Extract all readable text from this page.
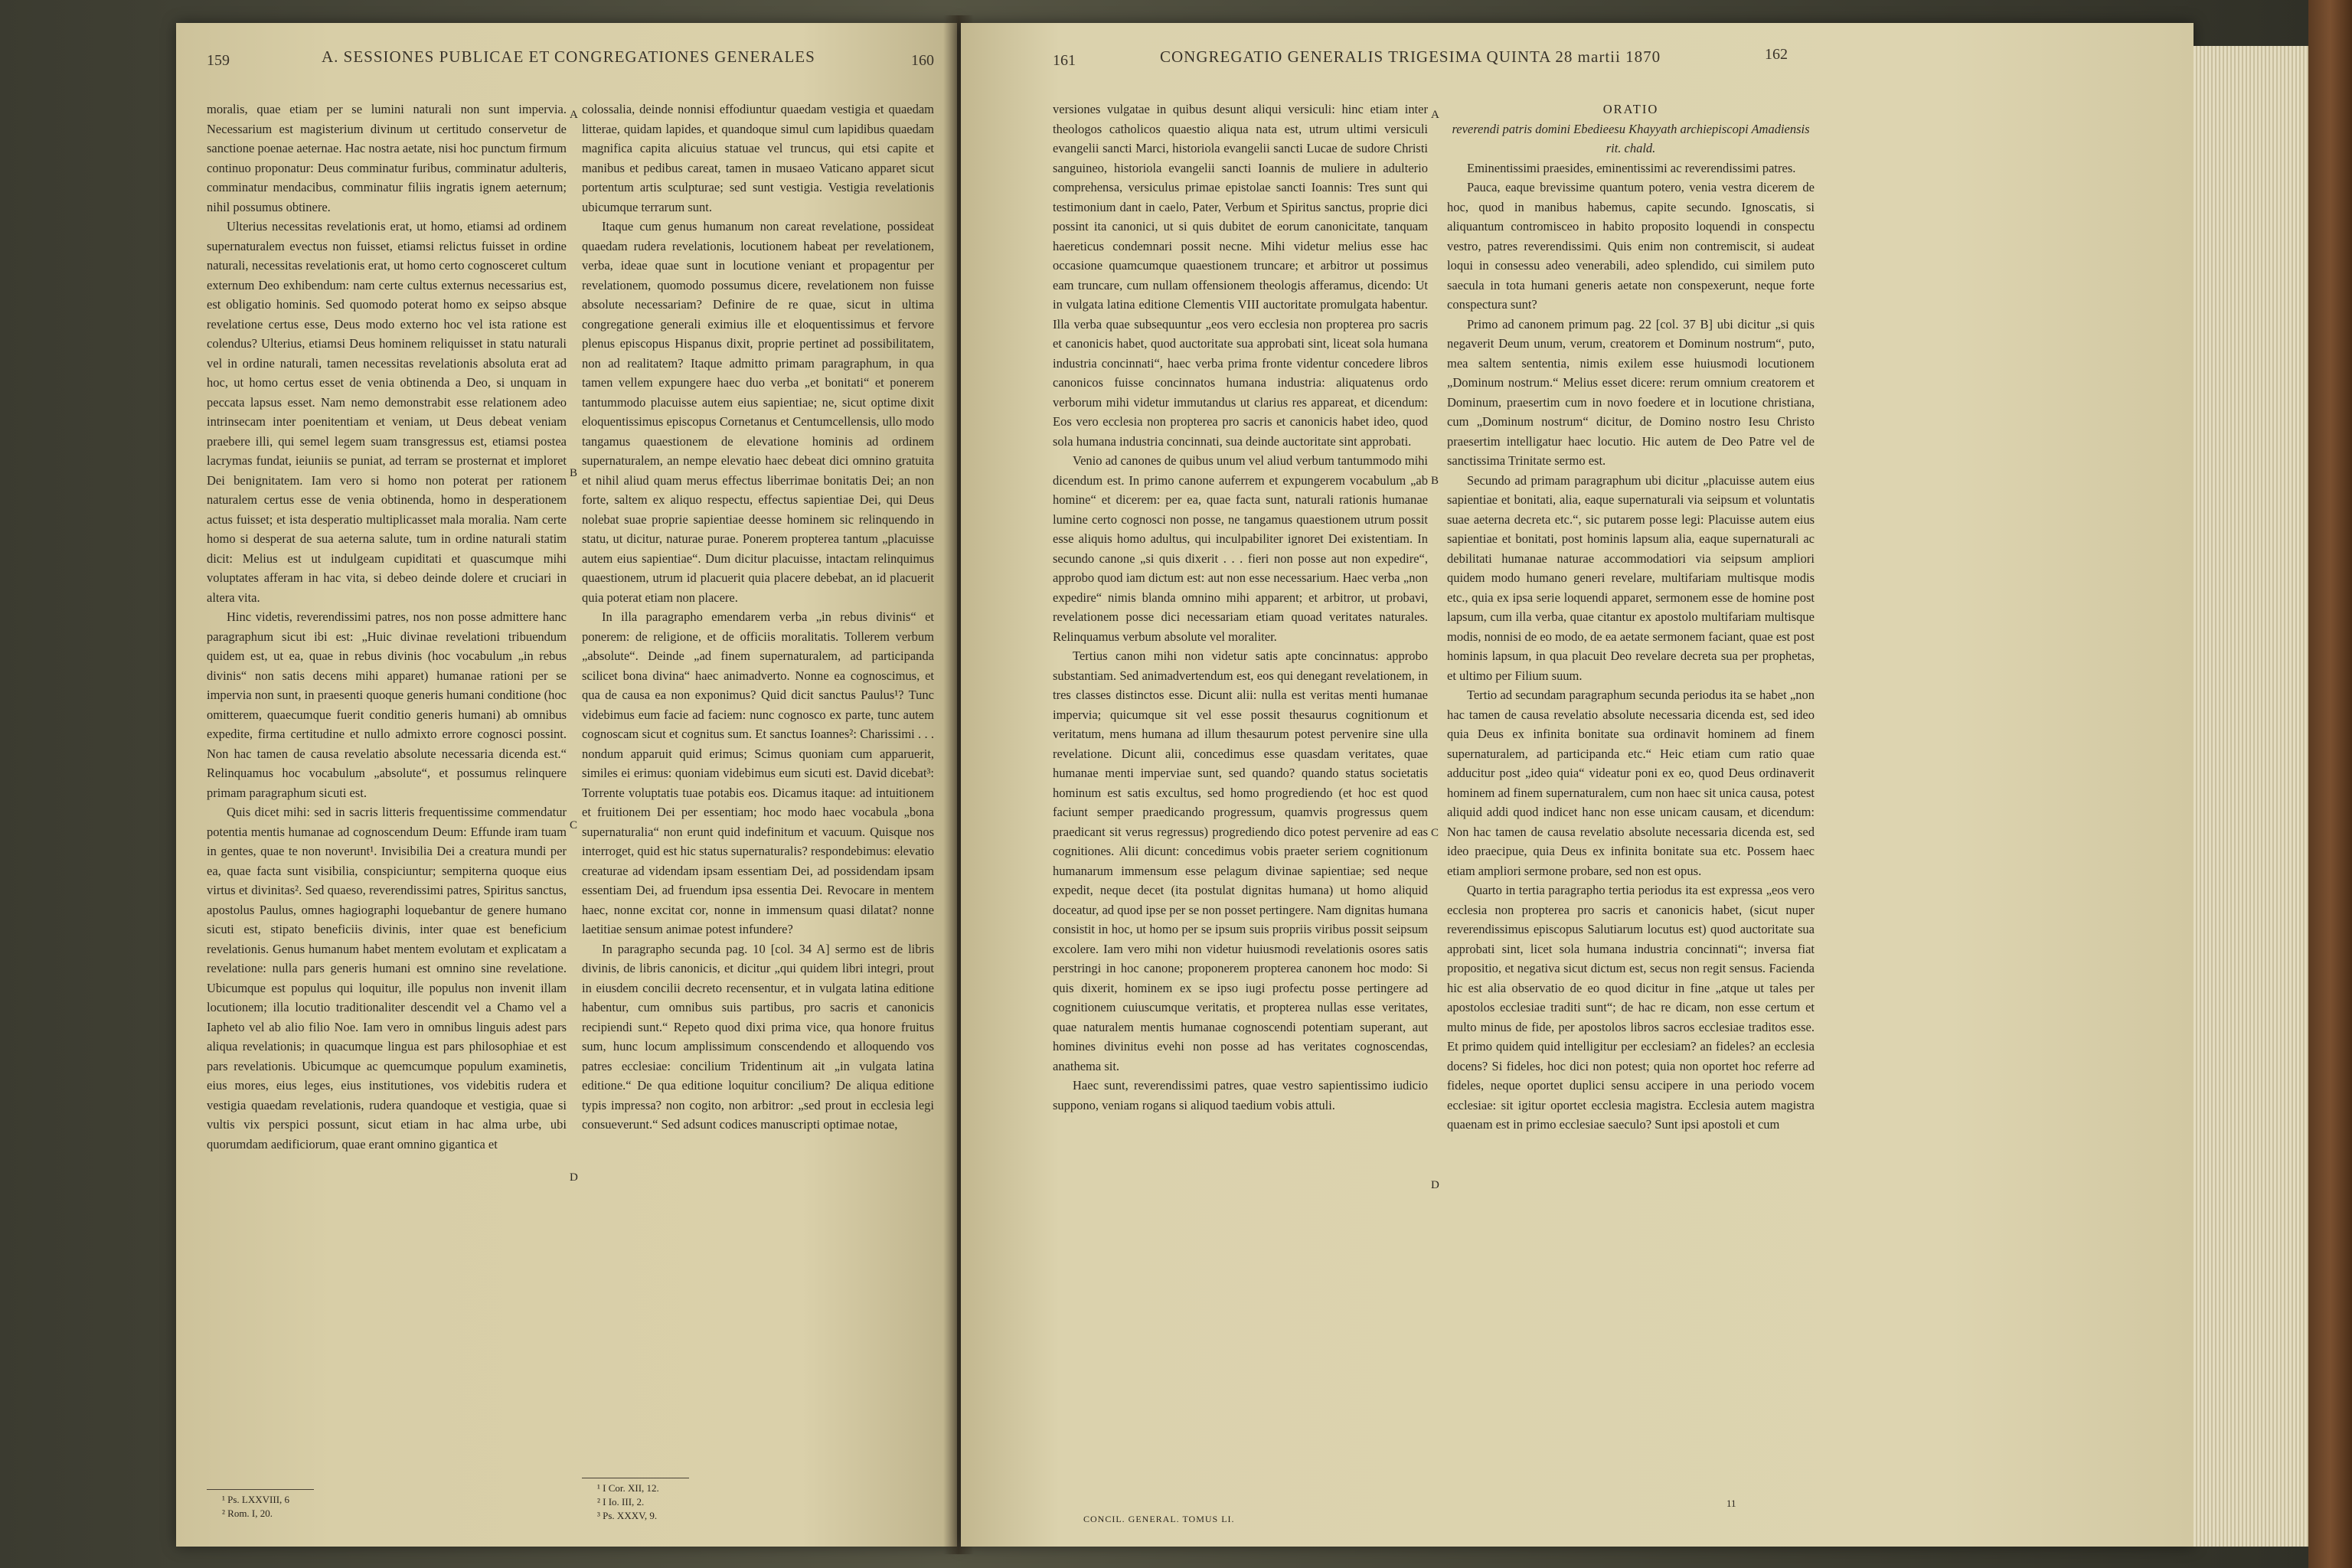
159	A. SESSIONES PUBLICAE ET CONGREGATIONES GENERALES	160

moralis, quae etiam per se lumini naturali non sunt impervia. Necessarium est magisterium divinum ut certitudo conservetur de sanctione poenae aeternae. Hac nostra aetate, nisi hoc punctum firmum continuo proponatur: Deus comminatur furibus, comminatur adulteris, comminatur mendacibus, comminatur filiis ingratis ignem aeternum; nihil possumus obtinere.

Ulterius necessitas revelationis erat, ut homo, etiamsi ad ordinem supernaturalem evectus non fuisset, etiamsi relictus fuisset in ordine naturali, necessitas revelationis erat, ut homo certo cognosceret cultum externum Deo exhibendum: nam certe cultus externus necessarius est, est obligatio hominis. Sed quomodo poterat homo ex seipso absque revelatione certus esse, Deus modo externo hoc vel ista ratione est colendus? Ulterius, etiamsi Deus hominem reliquisset in statu naturali vel in ordine naturali, tamen necessitas revelationis absoluta erat ad hoc, ut homo certus esset de venia obtinenda a Deo, si unquam in peccata lapsus esset. Nam nemo demonstrabit esse relationem adeo intrinsecam inter poenitentiam et veniam, ut Deus debeat veniam praebere illi, qui semel legem suam transgressus est, etiamsi postea lacrymas fundat, ieiuniis se puniat, ad terram se prosternat et imploret Dei benignitatem. Iam vero si homo non poterat per rationem naturalem certus esse de venia obtinenda, homo in desperationem actus fuisset; et ista desperatio multiplicasset mala moralia. Nam certe homo si desperat de sua aeterna salute, tum in ordine naturali statim dicit: Melius est ut indulgeam cupiditati et quascumque mihi voluptates afferam in hac vita, si debeo deinde dolere et cruciari in altera vita.

Hinc videtis, reverendissimi patres, nos non posse admittere hanc paragraphum sicut ibi est: „Huic divinae revelationi tribuendum quidem est, ut ea, quae in rebus divinis (hoc vocabulum „in rebus divinis“ non satis decens mihi apparet) humanae rationi per se impervia non sunt, in praesenti quoque generis humani conditione (hoc omitterem, quaecumque fuerit conditio generis humani) ab omnibus expedite, firma certitudine et nullo admixto errore cognosci possint. Non hac tamen de causa revelatio absolute necessaria dicenda est.“ Relinquamus hoc vocabulum „absolute“, et possumus relinquere primam paragraphum sicuti est.

Quis dicet mihi: sed in sacris litteris frequentissime commendatur potentia mentis humanae ad cognoscendum Deum: Effunde iram tuam in gentes, quae te non noverunt¹. Invisibilia Dei a creatura mundi per ea, quae facta sunt visibilia, conspiciuntur; sempiterna quoque eius virtus et divinitas². Sed quaeso, reverendissimi patres, Spiritus sanctus, apostolus Paulus, omnes hagiographi loquebantur de genere humano sicuti est, stipato beneficiis divinis, inter quae est beneficium revelationis. Genus humanum habet mentem evolutam et explicatam a revelatione: nulla pars generis humani est omnino sine revelatione. Ubicumque est populus qui loquitur, ille populus non invenit illam locutionem; illa locutio traditionaliter descendit vel a Chamo vel a Iapheto vel ab alio filio Noe. Iam vero in omnibus linguis adest pars aliqua revelationis; in quacumque lingua est pars philosophiae et est pars revelationis. Ubicumque ac quemcumque populum examinetis, eius mores, eius leges, eius institutiones, vos videbitis rudera et vestigia quaedam revelationis, rudera quandoque et vestigia, quae si vultis vix perspici possunt, sicut etiam in hac alma urbe, ubi quorumdam aedificiorum, quae erant omnino gigantica et

A
B
C
D

colossalia, deinde nonnisi effodiuntur quaedam vestigia et quaedam litterae, quidam lapides, et quandoque simul cum lapidibus quaedam magnifica capita alicuius statuae vel truncus, qui etsi capite et manibus et pedibus careat, tamen in musaeo Vaticano apparet sicut portentum artis sculpturae; sed sunt vestigia. Vestigia revelationis ubicumque terrarum sunt.

Itaque cum genus humanum non careat revelatione, possideat quaedam rudera revelationis, locutionem habeat per revelationem, verba, ideae quae sunt in locutione veniant et propagentur per revelationem, quomodo possumus dicere, revelationem non fuisse absolute necessariam? Definire de re quae, sicut in ultima congregatione generali eximius ille et eloquentissimus et fervore plenus episcopus Hispanus dixit, proprie pertinet ad possibilitatem, non ad realitatem? Itaque admitto primam paragraphum, in qua tamen vellem expungere haec duo verba „et bonitati“ et ponerem tantummodo placuisse autem eius sapientiae; ne, sicut optime dixit eloquentissimus episcopus Cornetanus et Centumcellensis, ullo modo tangamus quaestionem de elevatione hominis ad ordinem supernaturalem, an nempe elevatio haec debeat dici omnino gratuita et nihil aliud quam merus effectus liberrimae bonitatis Dei; an non forte, saltem ex aliquo respectu, effectus sapientiae Dei, qui Deus nolebat suae proprie sapientiae deesse hominem sic relinquendo in statu, ut dicitur, naturae purae. Ponerem propterea tantum „placuisse autem eius sapientiae“. Dum dicitur placuisse, intactam relinquimus quaestionem, utrum id placuerit quia placere debebat, an id placuerit quia poterat etiam non placere.

In illa paragrapho emendarem verba „in rebus divinis“ et ponerem: de religione, et de officiis moralitatis. Tollerem verbum „absolute“. Deinde „ad finem supernaturalem, ad participanda scilicet bona divina“ haec animadverto. Nonne ea cognoscimus, et qua de causa ea non exponimus? Quid dicit sanctus Paulus¹? Tunc videbimus eum facie ad faciem: nunc cognosco ex parte, tunc autem cognoscam sicut et cognitus sum. Et sanctus Ioannes²: Charissimi . . . nondum apparuit quid erimus; Scimus quoniam cum apparuerit, similes ei erimus: quoniam videbimus eum sicuti est. David dicebat³: Torrente voluptatis tuae potabis eos. Dicamus itaque: ad intuitionem et fruitionem Dei per essentiam; hoc modo haec vocabula „bona supernaturalia“ non erunt quid indefinitum et vacuum. Quisque nos interroget, quid est hic status supernaturalis? respondebimus: elevatio creaturae ad videndam ipsam essentiam Dei, ad possidendam ipsam essentiam Dei, ad fruendum ipsa essentia Dei. Revocare in mentem haec, nonne excitat cor, nonne in immensum quasi dilatat? nonne laetitiae sensum animae potest infundere?

In paragrapho secunda pag. 10 [col. 34 A] sermo est de libris divinis, de libris canonicis, et dicitur „qui quidem libri integri, prout in eiusdem concilii decreto recensentur, et in vulgata latina editione habentur, cum omnibus suis partibus, pro sacris et canonicis recipiendi sunt.“ Repeto quod dixi prima vice, qua honore fruitus sum, hunc locum amplissimum conscendendo et alloquendo vos patres ecclesiae: concilium Tridentinum ait „in vulgata latina editione.“ De qua editione loquitur concilium? De aliqua editione typis impressa? non cogito, non arbitror: „sed prout in ecclesia legi consueverunt.“ Sed adsunt codices manuscripti optimae notae,

¹ Ps. LXXVIII, 6
² Rom. I, 20.
¹ I Cor. XII, 12.
² I Io. III, 2.
³ Ps. XXXV, 9.
161	CONGREGATIO GENERALIS TRIGESIMA QUINTA 28 martii 1870	162

versiones vulgatae in quibus desunt aliqui versiculi: hinc etiam inter theologos catholicos quaestio aliqua nata est, utrum ultimi versiculi evangelii sancti Marci, historiola evangelii sancti Lucae de sudore Christi sanguineo, historiola evangelii sancti Ioannis de muliere in adulterio comprehensa, versiculus primae epistolae sancti Ioannis: Tres sunt qui testimonium dant in caelo, Pater, Verbum et Spiritus sanctus, proprie dici possint ita canonici, ut si quis dubitet de eorum canonicitate, tanquam haereticus condemnari possit necne. Mihi videtur melius esse hac occasione quamcumque quaestionem truncare; et arbitror ut possimus eam truncare, cum nullam offensionem theologis afferamus, dicendo: Ut in vulgata latina editione Clementis VIII auctoritate promulgata habentur. Illa verba quae subsequuntur „eos vero ecclesia non propterea pro sacris et canonicis habet, quod auctoritate sua approbati sint, liceat sola humana industria concinnati“, haec verba prima fronte videntur concedere libros canonicos fuisse concinnatos humana industria: aliquatenus ordo verborum mihi videtur immutandus ut clarius res appareat, et dicendum: Eos vero ecclesia non propterea pro sacris et canonicis habet ideo, quod sola humana industria concinnati, sua deinde auctoritate sint approbati.

Venio ad canones de quibus unum vel aliud verbum tantummodo mihi dicendum est. In primo canone auferrem et expungerem vocabulum „ab homine“ et dicerem: per ea, quae facta sunt, naturali rationis humanae lumine certo cognosci non posse, ne tangamus quaestionem utrum possit esse aliquis homo adultus, qui inculpabiliter ignoret Dei existentiam. In secundo canone „si quis dixerit . . . fieri non posse aut non expedire“, approbo quod iam dictum est: aut non esse necessarium. Haec verba „non expedire“ nimis blanda omnino mihi apparent; et arbitror, ut probavi, revelationem posse dici necessariam etiam quoad veritates naturales. Relinquamus verbum absolute vel moraliter.

Tertius canon mihi non videtur satis apte concinnatus: approbo substantiam. Sed animadvertendum est, eos qui denegant revelationem, in tres classes distinctos esse. Dicunt alii: nulla est veritas menti humanae impervia; quicumque sit vel esse possit thesaurus cognitionum et veritatum, mens humana ad illum thesaurum potest pervenire sine ulla revelatione. Dicunt alii, concedimus esse quasdam veritates, quae humanae menti imperviae sunt, sed quando? quando status societatis hominum est satis excultus, sed homo progrediendo (et hoc est quod faciunt semper praedicando progressum, quamvis progressus quem praedicant sit verus regressus) progrediendo dico potest pervenire ad eas cognitiones. Alii dicunt: concedimus vobis praeter seriem cognitionum humanarum immensum esse pelagum divinae sapientiae; sed neque expedit, neque decet (ita postulat dignitas humana) ut homo aliquid doceatur, ad quod ipse per se non posset pertingere. Nam dignitas humana consistit in hoc, ut homo per se ipsum suis propriis viribus possit seipsum excolere. Iam vero mihi non videtur huiusmodi revelationis osores satis perstringi in hoc canone; proponerem propterea canonem hoc modo: Si quis dixerit, hominem ex se ipso iugi profectu posse pertingere ad cognitionem cuiuscumque veritatis, et propterea nullas esse veritates, quae naturalem mentis humanae cognoscendi potentiam superant, aut homines divinitus evehi non posse ad has veritates cognoscendas, anathema sit.

Haec sunt, reverendissimi patres, quae vestro sapientissimo iudicio suppono, veniam rogans si aliquod taedium vobis attuli.

A
B
C
D

ORATIO

reverendi patris domini Ebedieesu Khayyath archiepiscopi Amadiensis rit. chald.

Eminentissimi praesides, eminentissimi ac reverendissimi patres.

Pauca, eaque brevissime quantum potero, venia vestra dicerem de hoc, quod in manibus habemus, capite secundo. Ignoscatis, si aliquantum contromisceo in habito proposito loquendi in conspectu vestro, patres reverendissimi. Quis enim non contremiscit, si audeat loqui in consessu adeo venerabili, adeo splendido, cui similem puto saecula in tota humani generis aetate non conspexerunt, neque forte conspectura sunt?

Primo ad canonem primum pag. 22 [col. 37 B] ubi dicitur „si quis negaverit Deum unum, verum, creatorem et Dominum nostrum“, puto, mea saltem sententia, nimis exilem esse huiusmodi locutionem „Dominum nostrum.“ Melius esset dicere: rerum omnium creatorem et Dominum, praesertim cum in novo foedere et in locutione christiana, cum „Dominum nostrum“ dicitur, de Domino nostro Iesu Christo praesertim intelligatur haec locutio. Hic autem de Deo Patre vel de sanctissima Trinitate sermo est.

Secundo ad primam paragraphum ubi dicitur „placuisse autem eius sapientiae et bonitati, alia, eaque supernaturali via seipsum et voluntatis suae aeterna decreta etc.“, sic putarem posse legi: Placuisse autem eius sapientiae et bonitati, post hominis lapsum alia, eaque supernaturali ac debilitati humanae naturae accommodatiori via seipsum ampliori quidem modo humano generi revelare, multifariam multisque modis etc., quia ex ipsa serie loquendi apparet, sermonem esse de homine post lapsum, cum illa verba, quae citantur ex apostolo multifariam multisque modis, nonnisi de eo modo, de ea aetate sermonem faciant, quae est post hominis lapsum, in qua placuit Deo revelare decreta sua per prophetas, et ultimo per Filium suum.

Tertio ad secundam paragraphum secunda periodus ita se habet „non hac tamen de causa revelatio absolute necessaria dicenda est, sed ideo quia Deus ex infinita bonitate sua ordinavit hominem ad finem supernaturalem, ad participanda etc.“ Heic etiam cum ratio quae adducitur post „ideo quia“ videatur poni ex eo, quod Deus ordinaverit hominem ad finem supernaturalem, cum non haec sit unica causa, potest aliquid addi quod indicet hanc non esse unicam causam, et dicendum: Non hac tamen de causa revelatio absolute necessaria dicenda est, sed ideo praecipue, quia Deus ex infinita bonitate sua etc. Possem haec etiam ampliori sermone probare, sed non est opus.

Quarto in tertia paragrapho tertia periodus ita est expressa „eos vero ecclesia non propterea pro sacris et canonicis habet, (sicut nuper reverendissimus episcopus Salutiarum locutus est) quod auctoritate sua approbati sint, licet sola humana industria concinnati“; inversa fiat propositio, et negativa sicut dictum est, secus non regit sensus. Facienda hic est alia observatio de eo quod dicitur in fine „atque ut tales per apostolos ecclesiae traditi sunt“; de hac re dicam, non esse certum et multo minus de fide, per apostolos libros sacros ecclesiae traditos esse. Et primo quidem quid intelligitur per ecclesiam? an fideles? an ecclesia docens? Si fideles, hoc dici non potest; quia non oportet hoc referre ad fideles, neque oportet duplici sensu accipere in una periodo vocem ecclesiae: sit igitur oportet ecclesia magistra. Ecclesia autem magistra quaenam est in primo ecclesiae saeculo? Sunt ipsi apostoli et cum

CONCIL. GENERAL. TOMUS LI.
11
